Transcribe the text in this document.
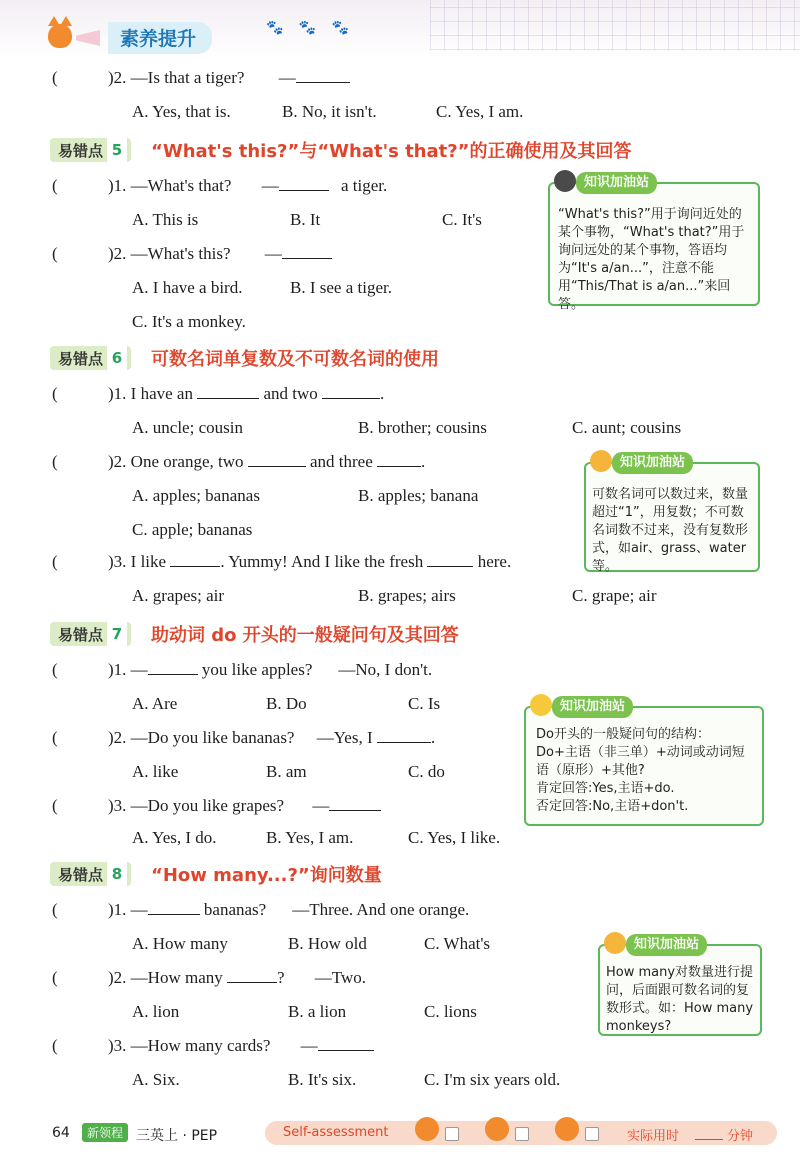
素养提升	🐾 🐾 🐾
(	)2. —Is that a tiger? —
A. Yes, that is.	B. No, it isn't.	C. Yes, I am.
易错点 5 “What's this?”与“What's that?”的正确使用及其回答
(	)1. —What's that? —	a tiger.
A. This is	B. It	C. It's
(	)2. —What's this? —
A. I have a bird.	B. I see a tiger.
C. It's a monkey.
知识加油站
“What's this?”用于询问近处的某个事物，“What's that?”用于询问远处的某个事物，答语均为“It's a/an...”，注意不能用“This/That is a/an...”来回答。
易错点 6 可数名词单复数及不可数名词的使用
(	)1. I have an	and two	.
A. uncle; cousin	B. brother; cousins	C. aunt; cousins
(	)2. One orange, two	and three	.
A. apples; bananas	B. apples; banana
C. apple; bananas
(	)3. I like	. Yummy! And I like the fresh	here.
A. grapes; air	B. grapes; airs	C. grape; air
知识加油站
可数名词可以数过来，数量超过“1”，用复数；不可数名词数不过来，没有复数形式，如air、grass、water等。
易错点 7 助动词 do 开头的一般疑问句及其回答
(	)1. —	you like apples? —No, I don't.
A. Are	B. Do	C. Is
(	)2. —Do you like bananas? —Yes, I	.
A. like	B. am	C. do
(	)3. —Do you like grapes? —
A. Yes, I do.	B. Yes, I am.	C. Yes, I like.
知识加油站
Do开头的一般疑问句的结构：
Do+主语（非三单）+动词或动词短语（原形）+其他?
肯定回答:Yes,主语+do.
否定回答:No,主语+don't.
易错点 8 “How many...?”询问数量
(	)1. —	bananas? —Three. And one orange.
A. How many	B. How old	C. What's
(	)2. —How many	? —Two.
A. lion	B. a lion	C. lions
(	)3. —How many cards? —
A. Six.	B. It's six.	C. I'm six years old.
知识加油站
How many对数量进行提问，后面跟可数名词的复数形式。如：How many monkeys?
64	新领程 三英上 · PEP	Self-assessment	实际用时	分钟
